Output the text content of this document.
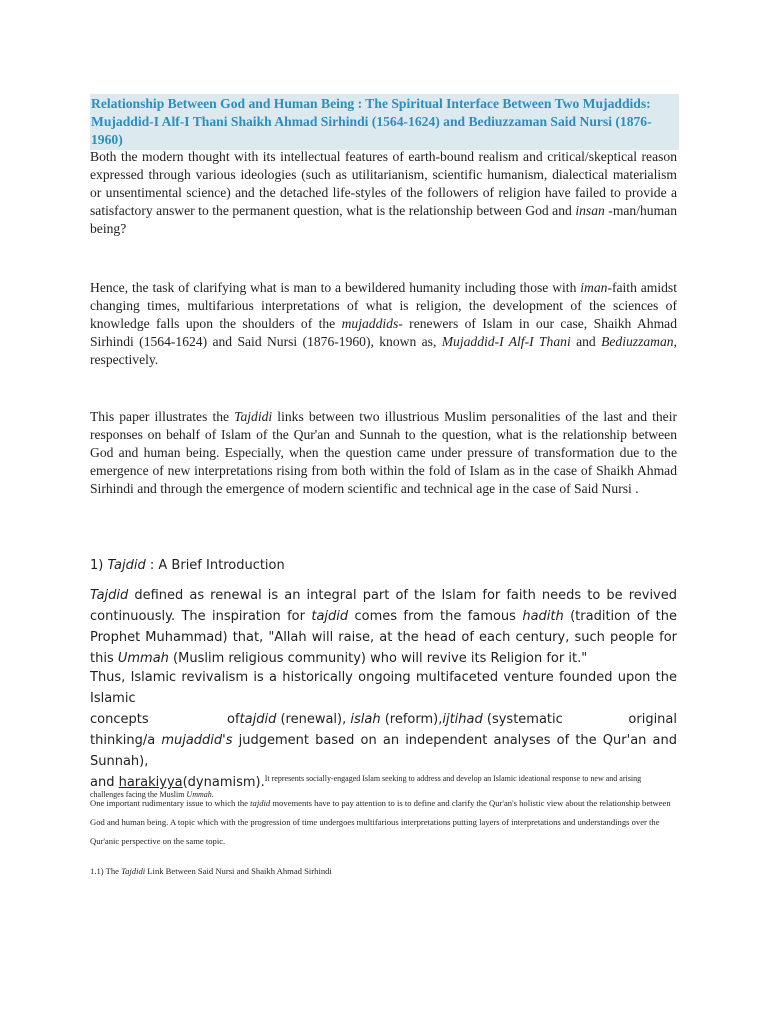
Relationship Between God and Human Being : The Spiritual Interface Between Two Mujaddids: Mujaddid-I Alf-I Thani Shaikh Ahmad Sirhindi (1564-1624) and Bediuzzaman Said Nursi (1876-1960)

Both the modern thought with its intellectual features of earth-bound realism and critical/skeptical reason expressed through various ideologies (such as utilitarianism, scientific humanism, dialectical materialism or unsentimental science) and the detached life-styles of the followers of religion have failed to provide a satisfactory answer to the permanent question, what is the relationship between God and insan -man/human being?

Hence, the task of clarifying what is man to a bewildered humanity including those with iman-faith amidst changing times, multifarious interpretations of what is religion, the development of the sciences of knowledge falls upon the shoulders of the mujaddids- renewers of Islam in our case, Shaikh Ahmad Sirhindi (1564-1624) and Said Nursi (1876-1960), known as, Mujaddid-I Alf-I Thani and Bediuzzaman, respectively.

This paper illustrates the Tajdidi links between two illustrious Muslim personalities of the last and their responses on behalf of Islam of the Qur'an and Sunnah to the question, what is the relationship between God and human being. Especially, when the question came under pressure of transformation due to the emergence of new interpretations rising from both within the fold of Islam as in the case of Shaikh Ahmad Sirhindi and through the emergence of modern scientific and technical age in the case of Said Nursi .

1) Tajdid : A Brief Introduction

Tajdid defined as renewal is an integral part of the Islam for faith needs to be revived continuously. The inspiration for tajdid comes from the famous hadith (tradition of the Prophet Muhammad) that, "Allah will raise, at the head of each century, such people for this Ummah (Muslim religious community) who will revive its Religion for it."

Thus, Islamic revivalism is a historically ongoing multifaceted venture founded upon the Islamic
concepts	oftajdid (renewal), islah (reform),ijtihad (systematic	original
thinking/a mujaddid's judgement based on an independent analyses of the Qur'an and Sunnah),
and harakiyya(dynamism).$^{It represents socially-engaged Islam seeking to address and develop an Islamic ideational response to new and arising}$
challenges facing the Muslim Ummah.

One important rudimentary issue to which the tajdid movements have to pay attention to is to define and clarify the Qur'an's holistic view about the relationship between God and human being. A topic which with the progression of time undergoes multifarious interpretations putting layers of interpretations and understandings over the Qur'anic perspective on the same topic.

1.1) The Tajdidi Link Between Said Nursi and Shaikh Ahmad Sirhindi
